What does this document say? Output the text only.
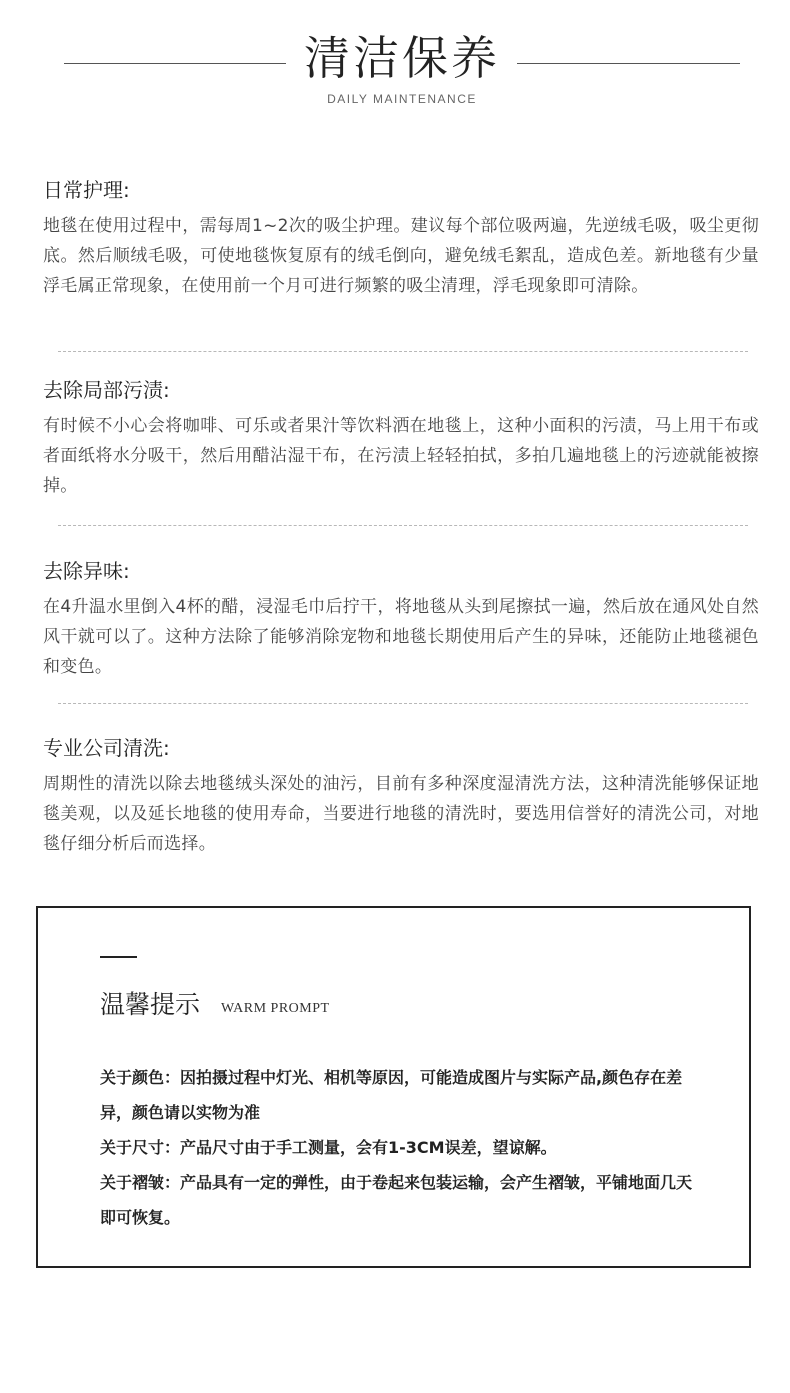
清洁保养
DAILY MAINTENANCE

日常护理:

地毯在使用过程中，需每周1~2次的吸尘护理。建议每个部位吸两遍，先逆绒毛吸，吸尘更彻底。然后顺绒毛吸，可使地毯恢复原有的绒毛倒向，避免绒毛絮乱，造成色差。新地毯有少量浮毛属正常现象，在使用前一个月可进行频繁的吸尘清理，浮毛现象即可清除。

去除局部污渍:

有时候不小心会将咖啡、可乐或者果汁等饮料洒在地毯上，这种小面积的污渍，马上用干布或者面纸将水分吸干，然后用醋沾湿干布，在污渍上轻轻拍拭，多拍几遍地毯上的污迹就能被擦掉。

去除异味:

在4升温水里倒入4杯的醋，浸湿毛巾后拧干，将地毯从头到尾擦拭一遍，然后放在通风处自然风干就可以了。这种方法除了能够消除宠物和地毯长期使用后产生的异味，还能防止地毯褪色和变色。

专业公司清洗:

周期性的清洗以除去地毯绒头深处的油污，目前有多种深度湿清洗方法，这种清洗能够保证地毯美观，以及延长地毯的使用寿命，当要进行地毯的清洗时，要选用信誉好的清洗公司，对地毯仔细分析后而选择。

温馨提示 WARM PROMPT

关于颜色：因拍摄过程中灯光、相机等原因，可能造成图片与实际产品,颜色存在差异，颜色请以实物为准

关于尺寸：产品尺寸由于手工测量，会有1-3CM误差，望谅解。

关于褶皱：产品具有一定的弹性，由于卷起来包装运输，会产生褶皱，平铺地面几天即可恢复。
